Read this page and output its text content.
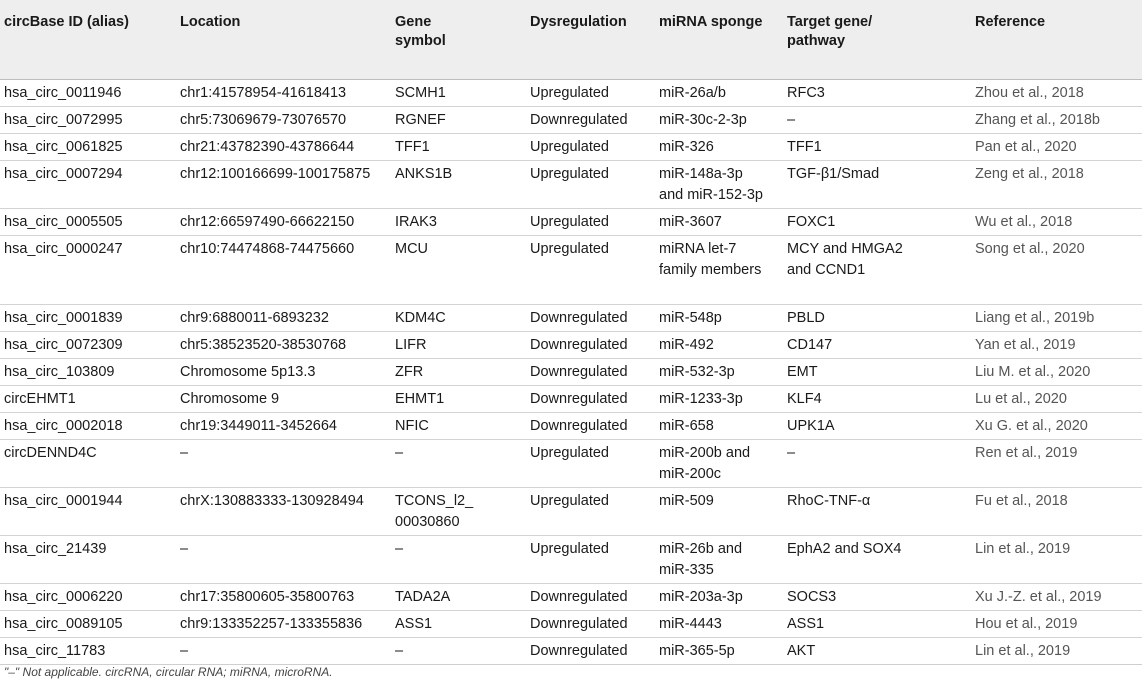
circBase ID (alias)	Location	Gene symbol	Dysregulation	miRNA sponge	Target gene/ pathway	Reference
hsa_circ_0011946	chr1:41578954-41618413	SCMH1	Upregulated	miR-26a/b	RFC3	Zhou et al., 2018
hsa_circ_0072995	chr5:73069679-73076570	RGNEF	Downregulated	miR-30c-2-3p	–	Zhang et al., 2018b
hsa_circ_0061825	chr21:43782390-43786644	TFF1	Upregulated	miR-326	TFF1	Pan et al., 2020
hsa_circ_0007294	chr12:100166699-100175875	ANKS1B	Upregulated	miR-148a-3p and miR-152-3p	TGF-β1/Smad	Zeng et al., 2018
hsa_circ_0005505	chr12:66597490-66622150	IRAK3	Upregulated	miR-3607	FOXC1	Wu et al., 2018
hsa_circ_0000247	chr10:74474868-74475660	MCU	Upregulated	miRNA let-7 family members	MCY and HMGA2 and CCND1	Song et al., 2020
hsa_circ_0001839	chr9:6880011-6893232	KDM4C	Downregulated	miR-548p	PBLD	Liang et al., 2019b
hsa_circ_0072309	chr5:38523520-38530768	LIFR	Downregulated	miR-492	CD147	Yan et al., 2019
hsa_circ_103809	Chromosome 5p13.3	ZFR	Downregulated	miR-532-3p	EMT	Liu M. et al., 2020
circEHMT1	Chromosome 9	EHMT1	Downregulated	miR-1233-3p	KLF4	Lu et al., 2020
hsa_circ_0002018	chr19:3449011-3452664	NFIC	Downregulated	miR-658	UPK1A	Xu G. et al., 2020
circDENND4C	–	–	Upregulated	miR-200b and miR-200c	–	Ren et al., 2019
hsa_circ_0001944	chrX:130883333-130928494	TCONS_l2_ 00030860	Upregulated	miR-509	RhoC-TNF-α	Fu et al., 2018
hsa_circ_21439	–	–	Upregulated	miR-26b and miR-335	EphA2 and SOX4	Lin et al., 2019
hsa_circ_0006220	chr17:35800605-35800763	TADA2A	Downregulated	miR-203a-3p	SOCS3	Xu J.-Z. et al., 2019
hsa_circ_0089105	chr9:133352257-133355836	ASS1	Downregulated	miR-4443	ASS1	Hou et al., 2019
hsa_circ_11783	–	–	Downregulated	miR-365-5p	AKT	Lin et al., 2019
"–" Not applicable. circRNA, circular RNA; miRNA, microRNA.
